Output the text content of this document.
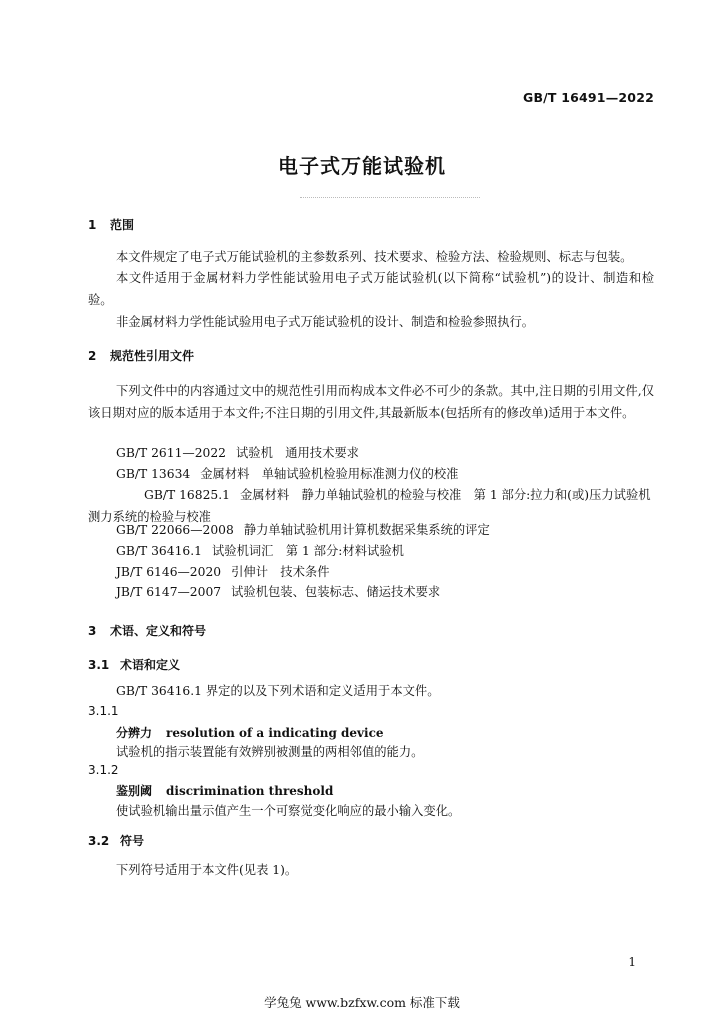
GB/T 16491—2022
电子式万能试验机
1 范围
本文件规定了电子式万能试验机的主参数系列、技术要求、检验方法、检验规则、标志与包装。
本文件适用于金属材料力学性能试验用电子式万能试验机(以下简称“试验机”)的设计、制造和检验。
非金属材料力学性能试验用电子式万能试验机的设计、制造和检验参照执行。
2 规范性引用文件
下列文件中的内容通过文中的规范性引用而构成本文件必不可少的条款。其中,注日期的引用文件,仅该日期对应的版本适用于本文件;不注日期的引用文件,其最新版本(包括所有的修改单)适用于本文件。
GB/T 2611—2022 试验机　通用技术要求
GB/T 13634 金属材料　单轴试验机检验用标准测力仪的校准
GB/T 16825.1 金属材料　静力单轴试验机的检验与校准　第 1 部分:拉力和(或)压力试验机测力系统的检验与校准
GB/T 22066—2008 静力单轴试验机用计算机数据采集系统的评定
GB/T 36416.1 试验机词汇　第 1 部分:材料试验机
JB/T 6146—2020 引伸计　技术条件
JB/T 6147—2007 试验机包装、包装标志、储运技术要求
3 术语、定义和符号
3.1 术语和定义
GB/T 36416.1 界定的以及下列术语和定义适用于本文件。
3.1.1
分辨力 resolution of a indicating device
试验机的指示装置能有效辨别被测量的两相邻值的能力。
3.1.2
鉴别阈 discrimination threshold
使试验机输出量示值产生一个可察觉变化响应的最小输入变化。
3.2 符号
下列符号适用于本文件(见表 1)。
1
学兔兔 www.bzfxw.com 标准下载
